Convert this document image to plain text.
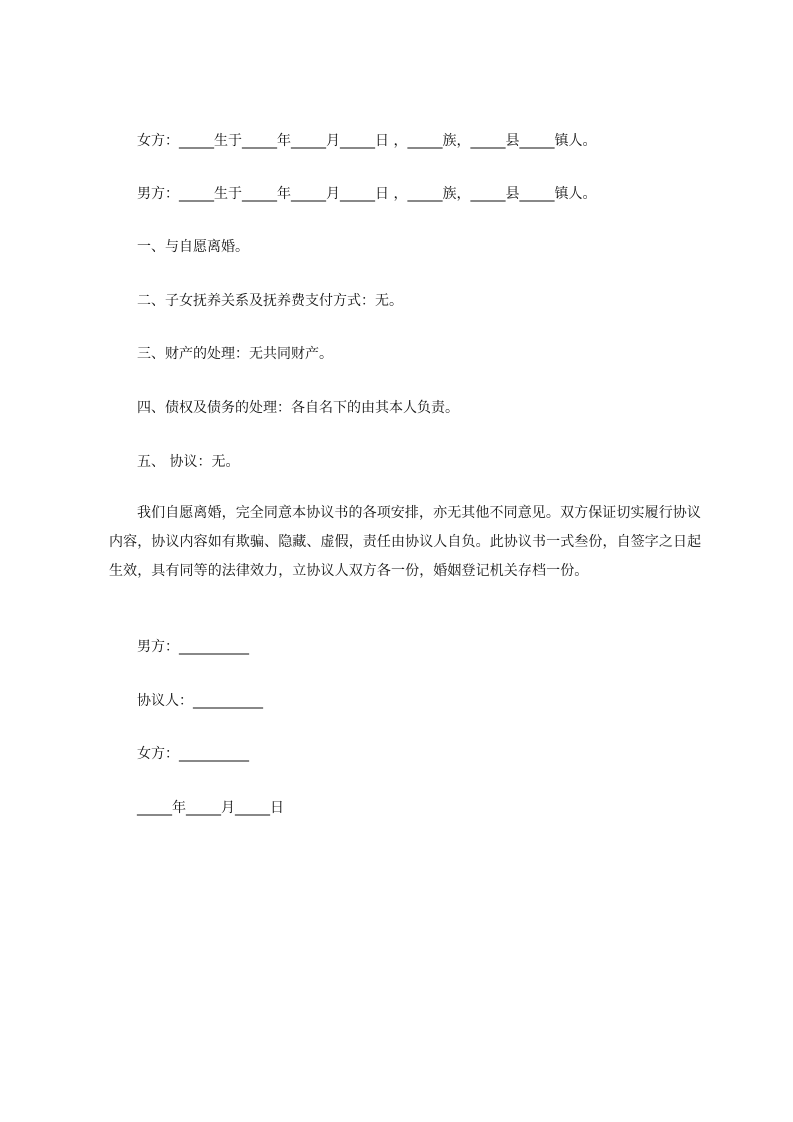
女方：_____生于_____年_____月_____日 ，_____族，_____县_____镇人。
男方：_____生于_____年_____月_____日 ，_____族，_____县_____镇人。
一、与自愿离婚。
二、子女抚养关系及抚养费支付方式：无。
三、财产的处理：无共同财产。
四、债权及债务的处理：各自名下的由其本人负责。
五、 协议：无。
我们自愿离婚，完全同意本协议书的各项安排，亦无其他不同意见。双方保证切实履行协议内容，协议内容如有欺骗、隐藏、虚假，责任由协议人自负。此协议书一式叁份，自签字之日起生效，具有同等的法律效力，立协议人双方各一份，婚姻登记机关存档一份。
男方：__________
协议人：__________
女方：__________
_____年_____月_____日
